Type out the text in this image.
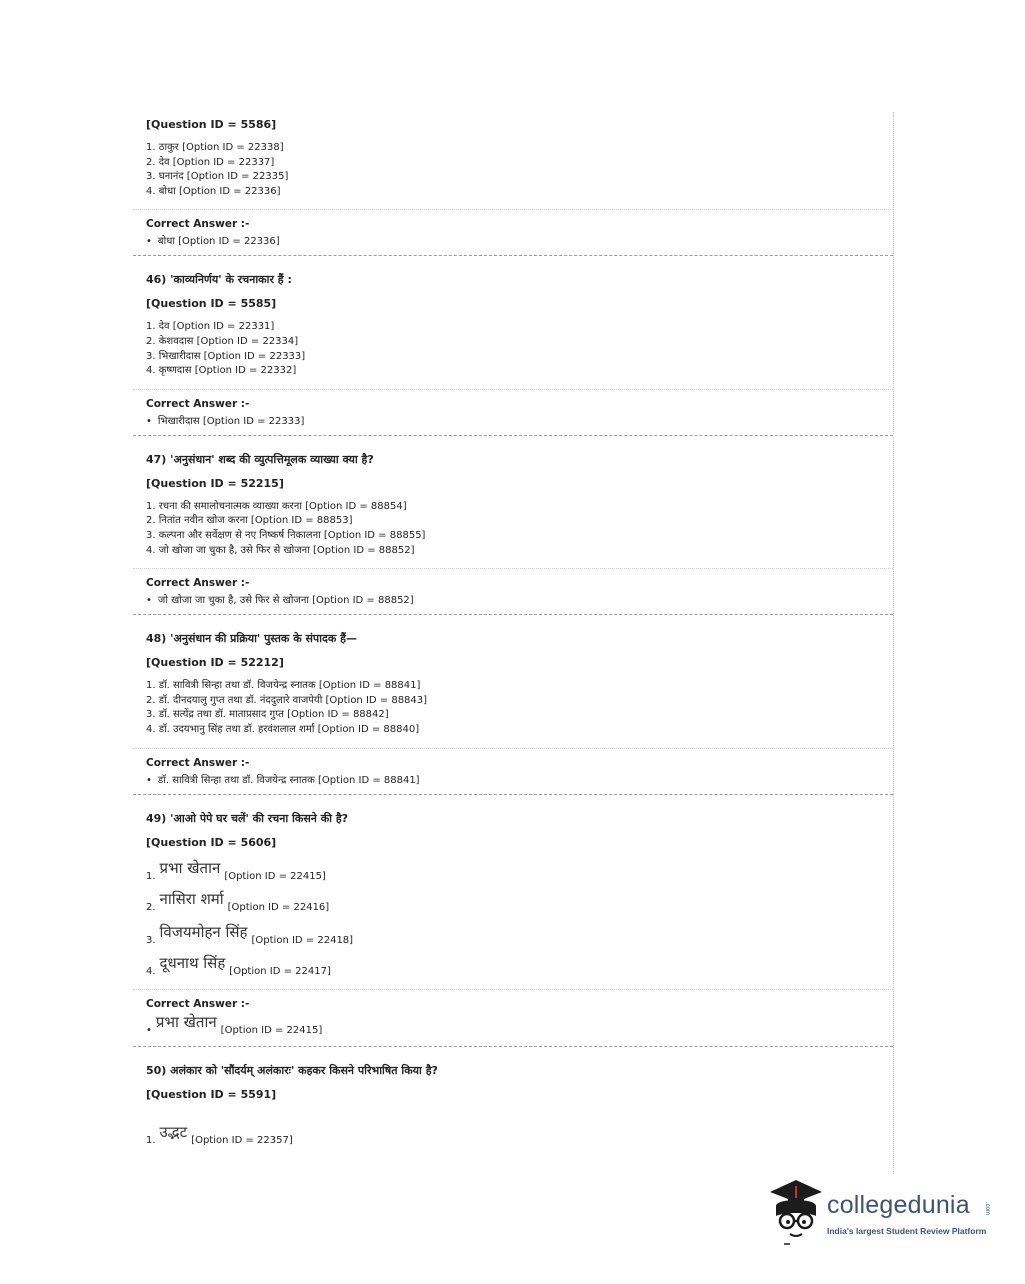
[Question ID = 5586]
1. ठाकुर [Option ID = 22338]
2. देव [Option ID = 22337]
3. घनानंद [Option ID = 22335]
4. बोधा [Option ID = 22336]
Correct Answer :-
• बोधा [Option ID = 22336]
46) 'काव्यनिर्णय' के रचनाकार हैं :
[Question ID = 5585]
1. देव [Option ID = 22331]
2. केशवदास [Option ID = 22334]
3. भिखारीदास [Option ID = 22333]
4. कृष्णदास [Option ID = 22332]
Correct Answer :-
• भिखारीदास [Option ID = 22333]
47) 'अनुसंधान' शब्द की व्युत्पत्तिमूलक व्याख्या क्या है?
[Question ID = 52215]
1. रचना की समालोचनात्मक व्याख्या करना [Option ID = 88854]
2. नितांत नवीन खोज करना [Option ID = 88853]
3. कल्पना और सर्वेक्षण से नए निष्कर्ष निकालना [Option ID = 88855]
4. जो खोजा जा चुका है, उसे फिर से खोजना [Option ID = 88852]
Correct Answer :-
• जो खोजा जा चुका है, उसे फिर से खोजना [Option ID = 88852]
48) 'अनुसंधान की प्रक्रिया' पुस्तक के संपादक हैं—
[Question ID = 52212]
1. डॉ. सावित्री सिन्हा तथा डॉ. विजयेन्द्र स्नातक [Option ID = 88841]
2. डॉ. दीनदयालु गुप्त तथा डॉ. नंददुलारे वाजपेयी [Option ID = 88843]
3. डॉ. सत्येंद्र तथा डॉ. माताप्रसाद गुप्त [Option ID = 88842]
4. डॉ. उदयभानु सिंह तथा डॉ. हरवंशलाल शर्मा [Option ID = 88840]
Correct Answer :-
• डॉ. सावित्री सिन्हा तथा डॉ. विजयेन्द्र स्नातक [Option ID = 88841]
49) 'आओ पेपे घर चलें' की रचना किसने की है?
[Question ID = 5606]
1. प्रभा खेतान [Option ID = 22415]
2. नासिरा शर्मा [Option ID = 22416]
3. विजयमोहन सिंह [Option ID = 22418]
4. दूधनाथ सिंह [Option ID = 22417]
Correct Answer :-
• प्रभा खेतान [Option ID = 22415]
50) अलंकार को 'सौंदर्यम् अलंकारः' कहकर किसने परिभाषित किया है?
[Question ID = 5591]
1. उद्भट [Option ID = 22357]
collegedunia .com
India's largest Student Review Platform
